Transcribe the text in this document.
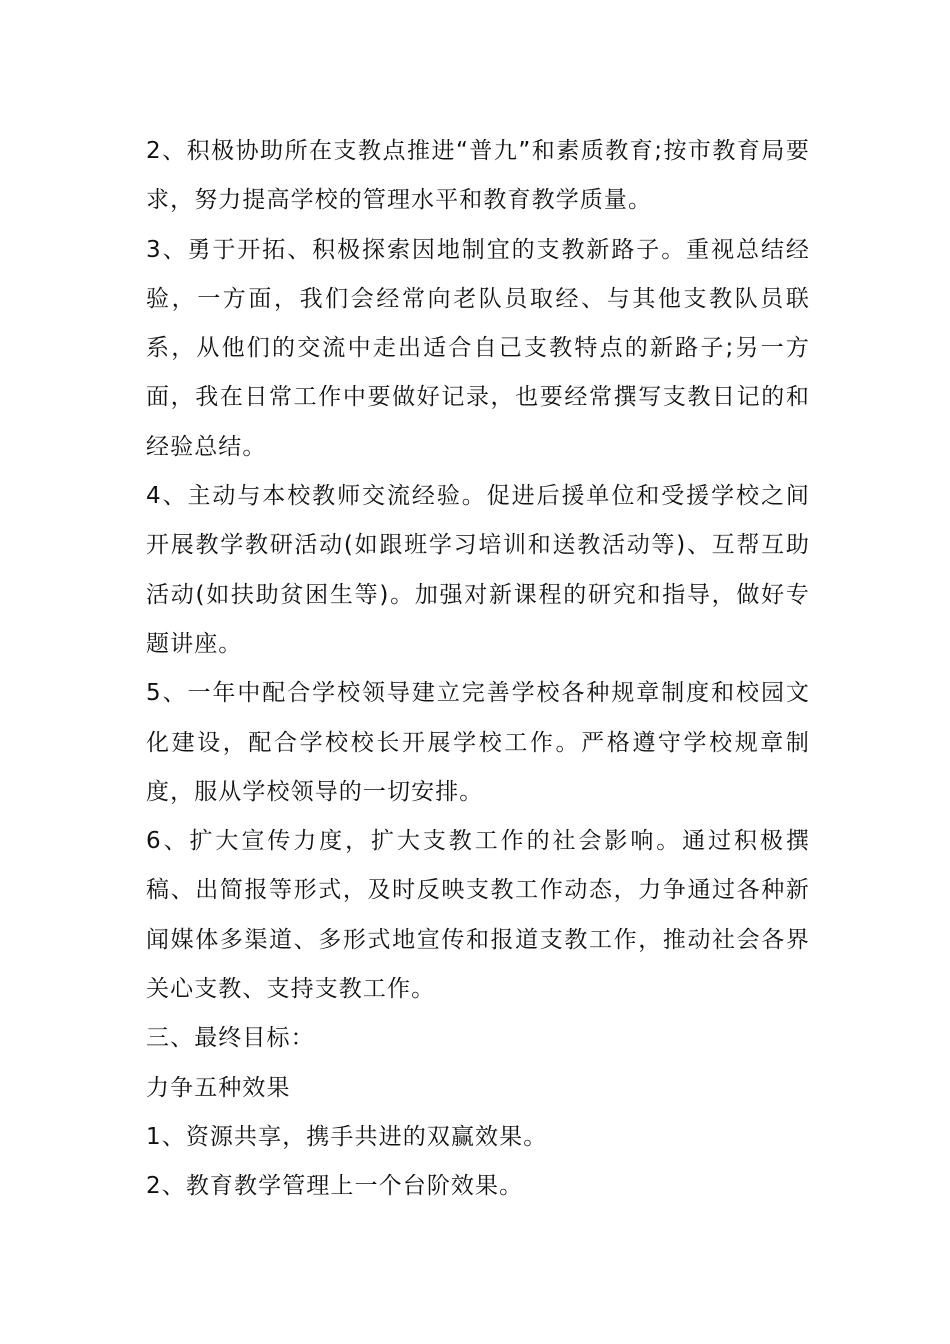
2、积极协助所在支教点推进“普九”和素质教育;按市教育局要求，努力提高学校的管理水平和教育教学质量。

3、勇于开拓、积极探索因地制宜的支教新路子。重视总结经验，一方面，我们会经常向老队员取经、与其他支教队员联系，从他们的交流中走出适合自己支教特点的新路子;另一方面，我在日常工作中要做好记录，也要经常撰写支教日记的和经验总结。

4、主动与本校教师交流经验。促进后援单位和受援学校之间开展教学教研活动(如跟班学习培训和送教活动等)、互帮互助活动(如扶助贫困生等)。加强对新课程的研究和指导，做好专题讲座。

5、一年中配合学校领导建立完善学校各种规章制度和校园文化建设，配合学校校长开展学校工作。严格遵守学校规章制度，服从学校领导的一切安排。

6、扩大宣传力度，扩大支教工作的社会影响。通过积极撰稿、出简报等形式，及时反映支教工作动态，力争通过各种新闻媒体多渠道、多形式地宣传和报道支教工作，推动社会各界关心支教、支持支教工作。

三、最终目标：

力争五种效果

1、资源共享，携手共进的双赢效果。

2、教育教学管理上一个台阶效果。
